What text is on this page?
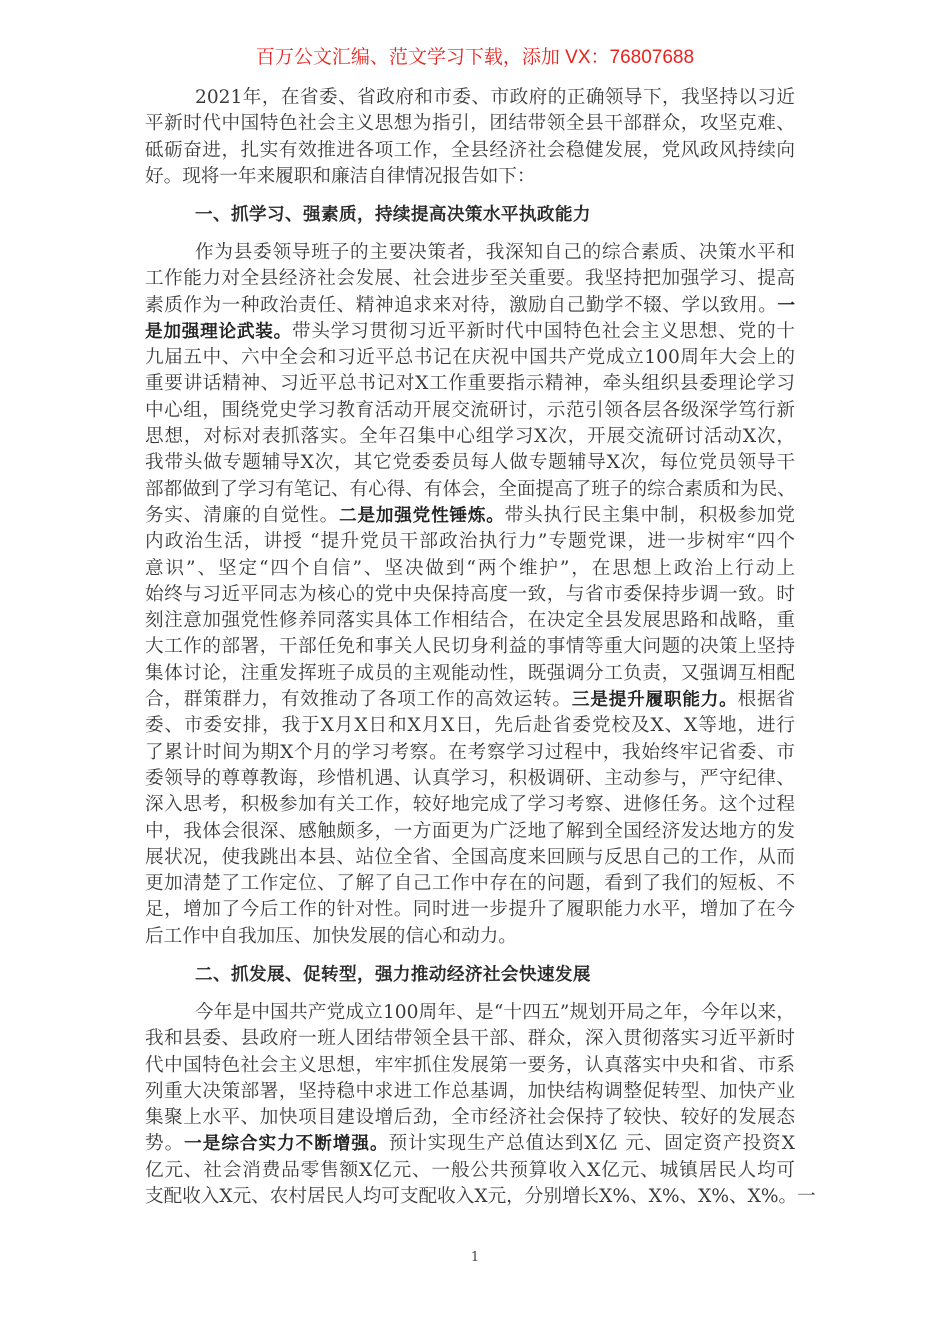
百万公文汇编、范文学习下载，添加 VX：76807688
2021年，在省委、省政府和市委、市政府的正确领导下，我坚持以习近
平新时代中国特色社会主义思想为指引，团结带领全县干部群众，攻坚克难、
砥砺奋进，扎实有效推进各项工作，全县经济社会稳健发展，党风政风持续向
好。现将一年来履职和廉洁自律情况报告如下：
一、抓学习、强素质，持续提高决策水平执政能力
作为县委领导班子的主要决策者，我深知自己的综合素质、决策水平和
工作能力对全县经济社会发展、社会进步至关重要。我坚持把加强学习、提高
素质作为一种政治责任、精神追求来对待，激励自己勤学不辍、学以致用。一
是加强理论武装。带头学习贯彻习近平新时代中国特色社会主义思想、党的十
九届五中、六中全会和习近平总书记在庆祝中国共产党成立100周年大会上的
重要讲话精神、习近平总书记对X工作重要指示精神，牵头组织县委理论学习
中心组，围绕党史学习教育活动开展交流研讨，示范引领各层各级深学笃行新
思想，对标对表抓落实。全年召集中心组学习X次，开展交流研讨活动X次，
我带头做专题辅导X次，其它党委委员每人做专题辅导X次，每位党员领导干
部都做到了学习有笔记、有心得、有体会，全面提高了班子的综合素质和为民、
务实、清廉的自觉性。二是加强党性锤炼。带头执行民主集中制，积极参加党
内政治生活，讲授 “提升党员干部政治执行力”专题党课，进一步树牢“四个
意识”、坚定“四个自信”、坚决做到“两个维护”，在思想上政治上行动上
始终与习近平同志为核心的党中央保持高度一致，与省市委保持步调一致。时
刻注意加强党性修养同落实具体工作相结合，在决定全县发展思路和战略，重
大工作的部署，干部任免和事关人民切身利益的事情等重大问题的决策上坚持
集体讨论，注重发挥班子成员的主观能动性，既强调分工负责，又强调互相配
合，群策群力，有效推动了各项工作的高效运转。三是提升履职能力。根据省
委、市委安排，我于X月X日和X月X日，先后赴省委党校及X、X等地，进行
了累计时间为期X个月的学习考察。在考察学习过程中，我始终牢记省委、市
委领导的尊尊教诲，珍惜机遇、认真学习，积极调研、主动参与，严守纪律、
深入思考，积极参加有关工作，较好地完成了学习考察、进修任务。这个过程
中，我体会很深、感触颇多，一方面更为广泛地了解到全国经济发达地方的发
展状况，使我跳出本县、站位全省、全国高度来回顾与反思自己的工作，从而
更加清楚了工作定位、了解了自己工作中存在的问题，看到了我们的短板、不
足，增加了今后工作的针对性。同时进一步提升了履职能力水平，增加了在今
后工作中自我加压、加快发展的信心和动力。
二、抓发展、促转型，强力推动经济社会快速发展
今年是中国共产党成立100周年、是“十四五”规划开局之年，今年以来，
我和县委、县政府一班人团结带领全县干部、群众，深入贯彻落实习近平新时
代中国特色社会主义思想，牢牢抓住发展第一要务，认真落实中央和省、市系
列重大决策部署，坚持稳中求进工作总基调，加快结构调整促转型、加快产业
集聚上水平、加快项目建设增后劲，全市经济社会保持了较快、较好的发展态
势。一是综合实力不断增强。预计实现生产总值达到X亿 元、固定资产投资X
亿元、社会消费品零售额X亿元、一般公共预算收入X亿元、城镇居民人均可
支配收入X元、农村居民人均可支配收入X元，分别增长X%、X%、X%、X%。一
1
